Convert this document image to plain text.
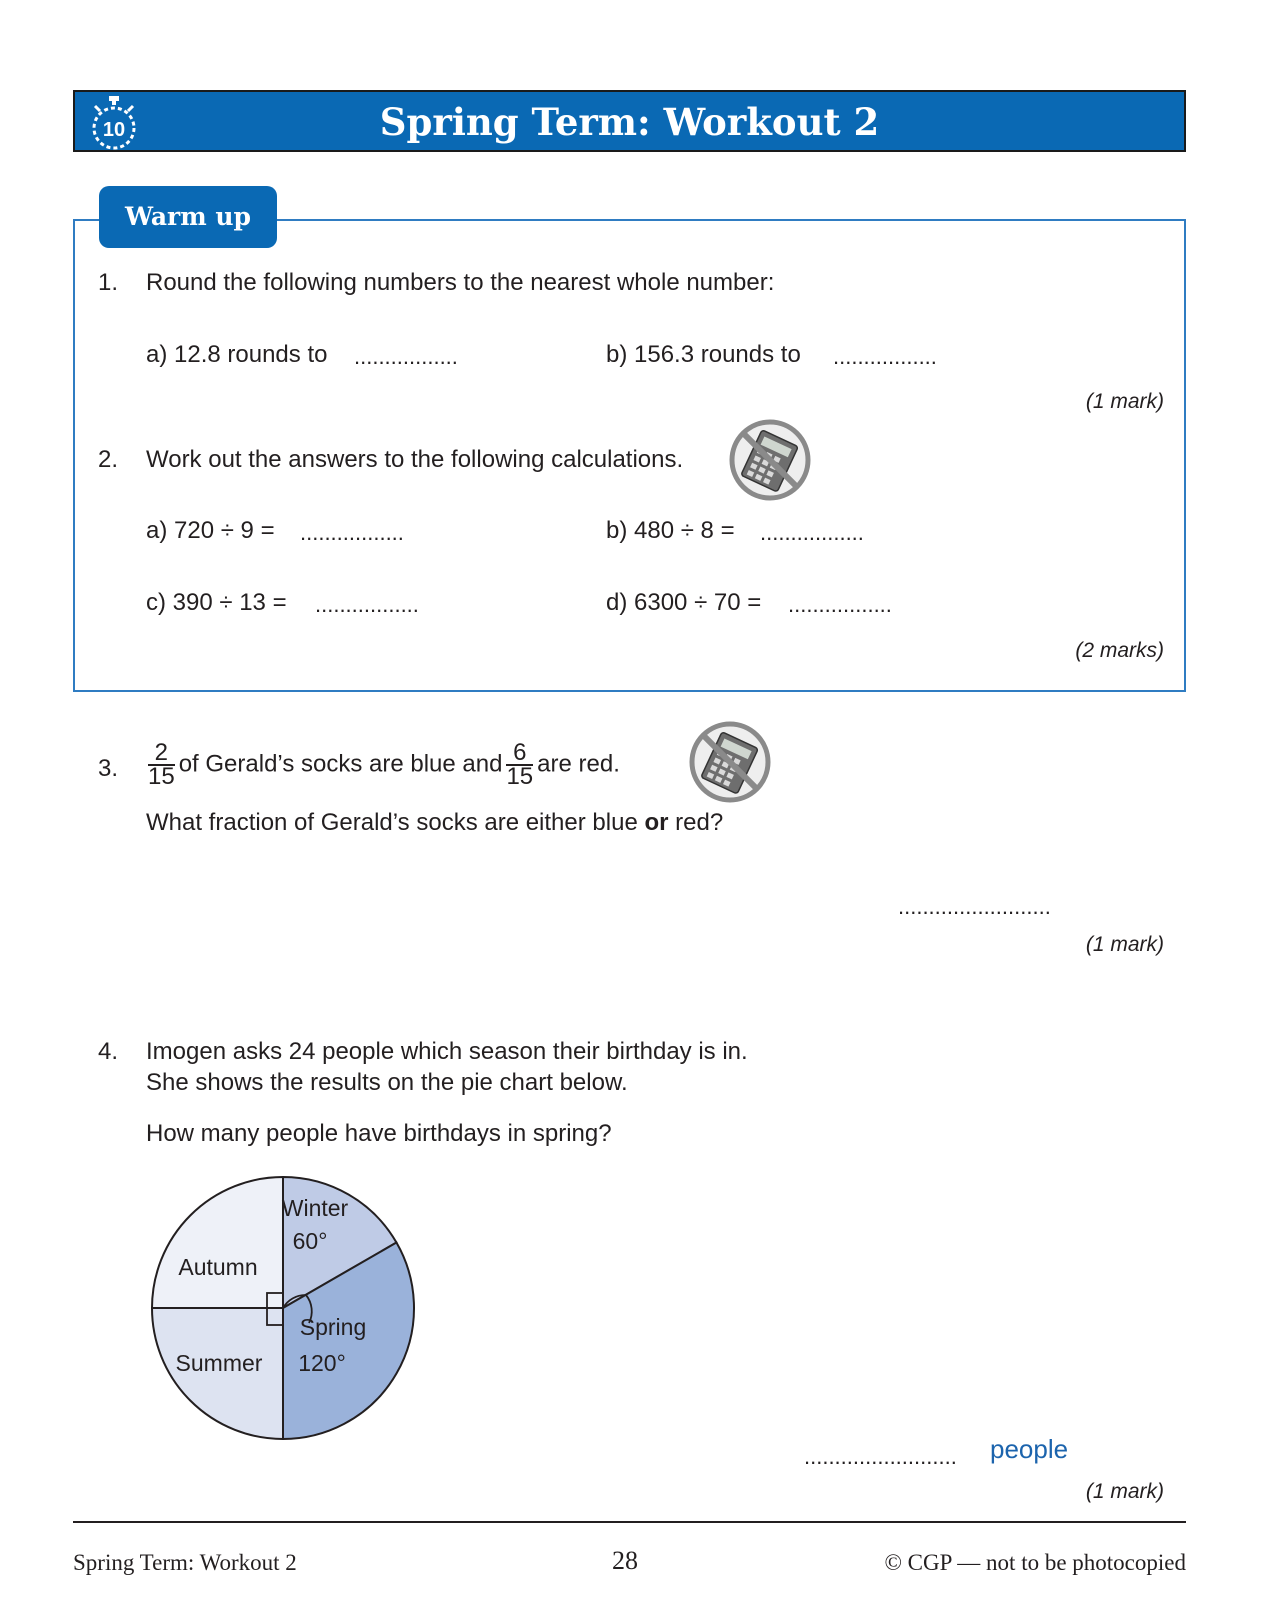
10	Spring Term: Workout 2
Warm up
1. Round the following numbers to the nearest whole number:
a) 12.8 rounds to .................	b) 156.3 rounds to .................
(1 mark)
2. Work out the answers to the following calculations.
a) 720 ÷ 9 = .................	b) 480 ÷ 8 = .................
c) 390 ÷ 13 = .................	d) 6300 ÷ 70 = .................
(2 marks)
3. $\frac{2}{15}$ of Gerald’s socks are blue and $\frac{6}{15}$ are red.
What fraction of Gerald’s socks are either blue or red?
.........................
(1 mark)
4. Imogen asks 24 people which season their birthday is in.
She shows the results on the pie chart below.
How many people have birthdays in spring?
Winter
60°
Spring
120°
Summer
Autumn
......................... people
(1 mark)
Spring Term: Workout 2	28	© CGP — not to be photocopied
